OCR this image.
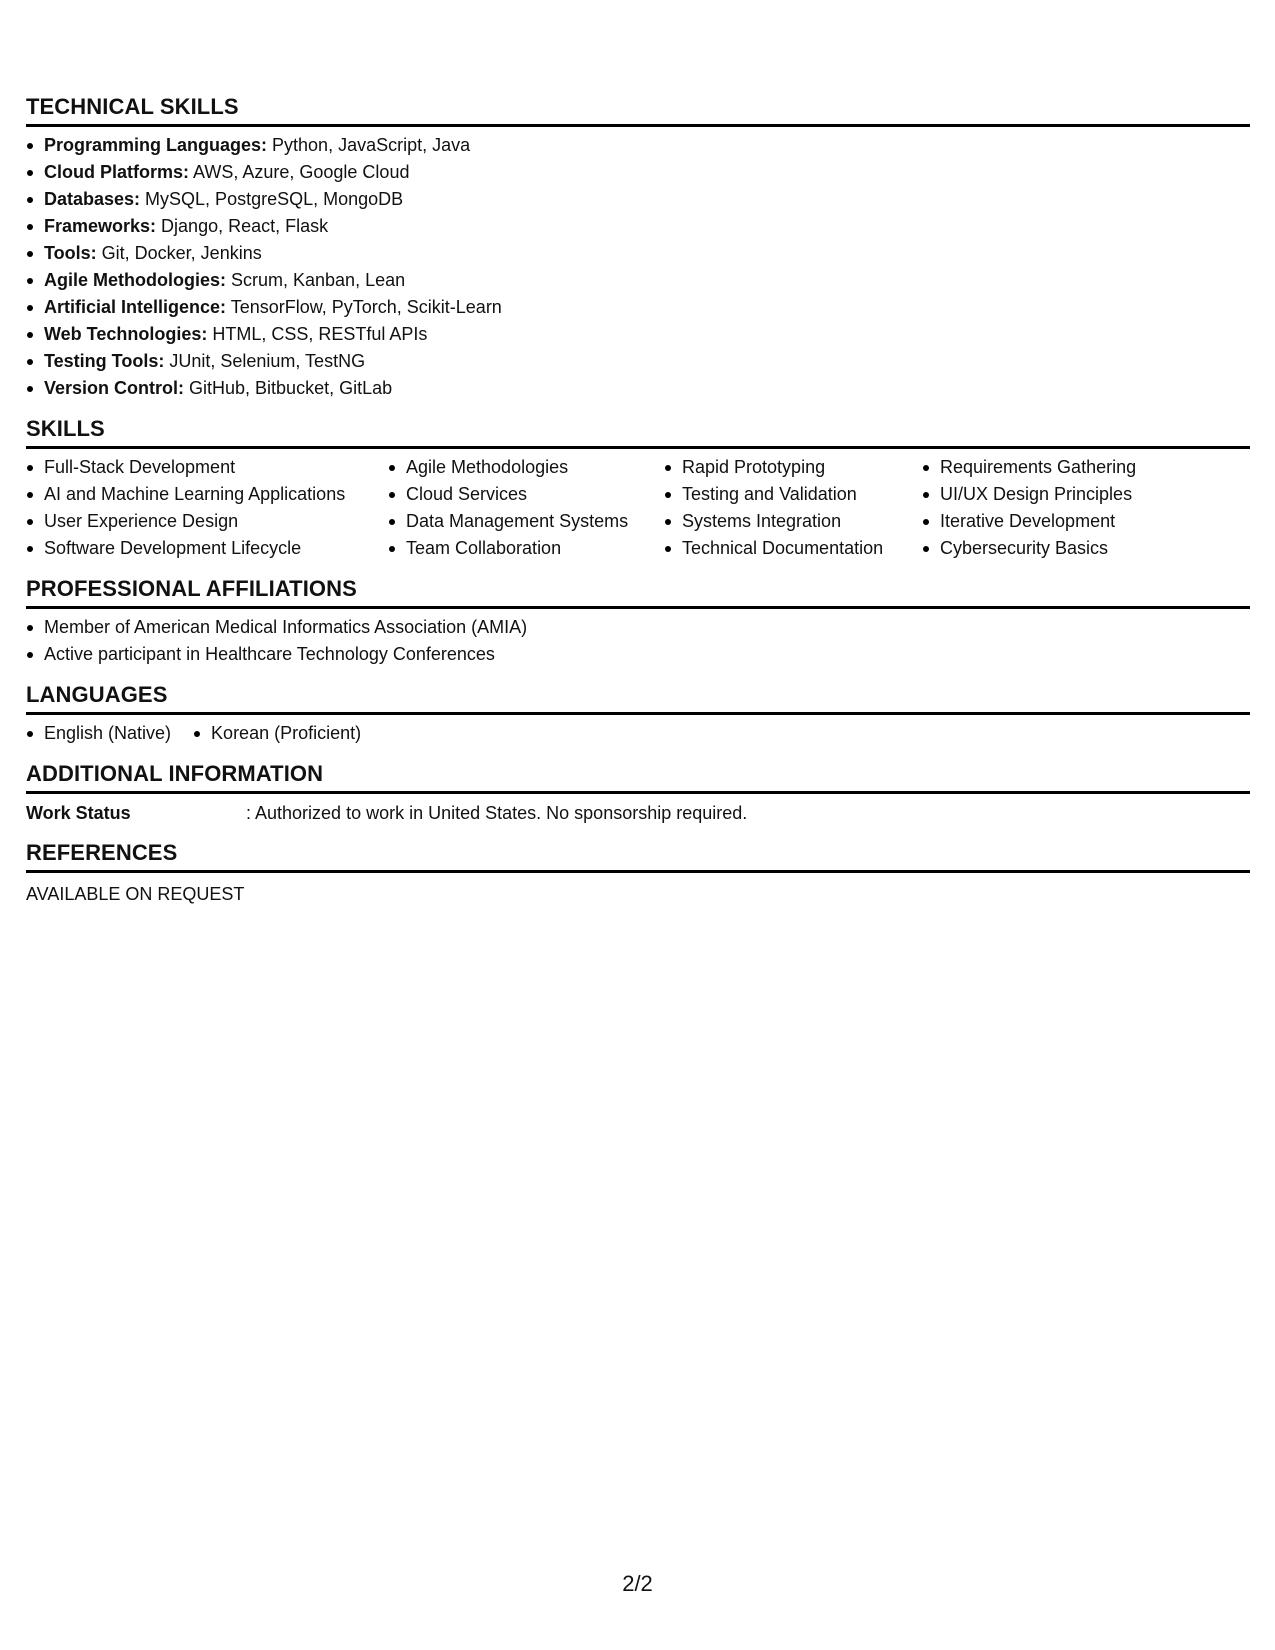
TECHNICAL SKILLS
Programming Languages: Python, JavaScript, Java
Cloud Platforms: AWS, Azure, Google Cloud
Databases: MySQL, PostgreSQL, MongoDB
Frameworks: Django, React, Flask
Tools: Git, Docker, Jenkins
Agile Methodologies: Scrum, Kanban, Lean
Artificial Intelligence: TensorFlow, PyTorch, Scikit-Learn
Web Technologies: HTML, CSS, RESTful APIs
Testing Tools: JUnit, Selenium, TestNG
Version Control: GitHub, Bitbucket, GitLab
SKILLS
Full-Stack Development
AI and Machine Learning Applications
User Experience Design
Software Development Lifecycle
Agile Methodologies
Cloud Services
Data Management Systems
Team Collaboration
Rapid Prototyping
Testing and Validation
Systems Integration
Technical Documentation
Requirements Gathering
UI/UX Design Principles
Iterative Development
Cybersecurity Basics
PROFESSIONAL AFFILIATIONS
Member of American Medical Informatics Association (AMIA)
Active participant in Healthcare Technology Conferences
LANGUAGES
English (Native)	Korean (Proficient)
ADDITIONAL INFORMATION
Work Status	: Authorized to work in United States. No sponsorship required.
REFERENCES
AVAILABLE ON REQUEST
2/2
